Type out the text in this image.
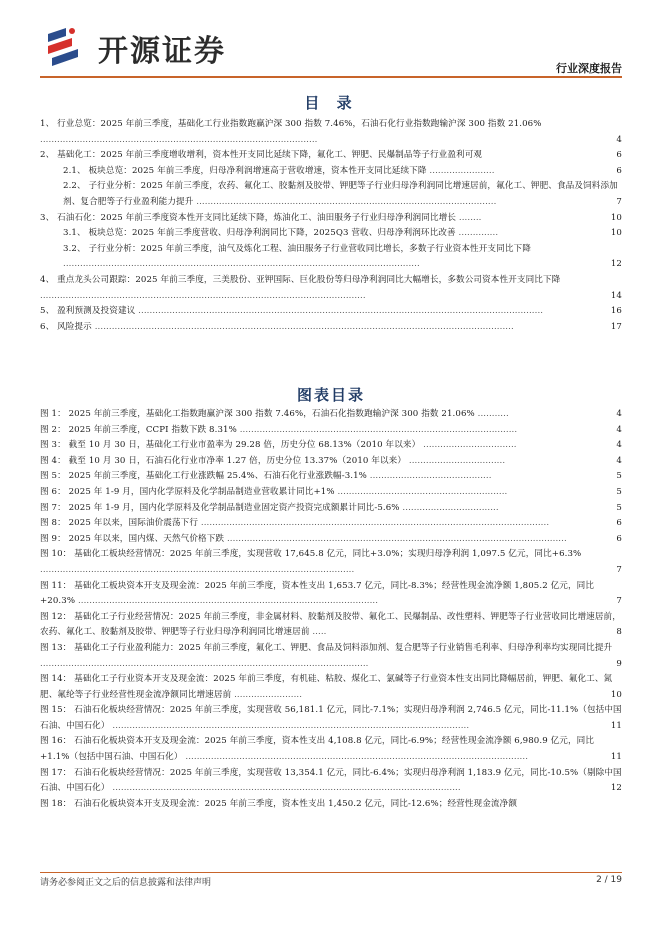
开源证券	行业深度报告
目 录
1、 行业总览：2025 年前三季度，基础化工行业指数跑赢沪深 300 指数 7.46%，石油石化行业指数跑输沪深 300 指数 21.06% ..................................................................................................	4
2、 基础化工：2025 年前三季度增收增利，资本性开支同比延续下降，氟化工、钾肥、民爆制品等子行业盈利可观	6
2.1、 板块总览：2025 年前三季度，归母净利润增速高于营收增速，资本性开支同比延续下降 .......................	6
2.2、 子行业分析：2025 年前三季度，农药、氟化工、胶黏剂及胶带、钾肥等子行业归母净利润同比增速居前，氟化工、钾肥、食品及饲料添加剂、复合肥等子行业盈利能力提升 ..........................................................................................................	7
3、 石油石化：2025 年前三季度资本性开支同比延续下降，炼油化工、油田服务子行业归母净利润同比增长 ........	10
3.1、 板块总览：2025 年前三季度营收、归母净利润同比下降，2025Q3 营收、归母净利润环比改善 ..............	10
3.2、 子行业分析：2025 年前三季度，油气及炼化工程、油田服务子行业营收同比增长，多数子行业资本性开支同比下降 ..............................................................................................................................	12
4、 重点龙头公司跟踪：2025 年前三季度，三美股份、亚钾国际、巨化股份等归母净利润同比大幅增长，多数公司资本性开支同比下降 ...................................................................................................................	14
5、 盈利预测及投资建议 ...............................................................................................................................................	16
6、 风险提示 ....................................................................................................................................................	17
图表目录
图 1： 2025 年前三季度，基础化工指数跑赢沪深 300 指数 7.46%，石油石化指数跑输沪深 300 指数 21.06% ...........	4
图 2： 2025 年前三季度，CCPI 指数下跌 8.31% ..................................................................................................	4
图 3： 截至 10 月 30 日，基础化工行业市盈率为 29.28 倍，历史分位 68.13%（2010 年以来） .................................	4
图 4： 截至 10 月 30 日，石油石化行业市净率 1.27 倍，历史分位 13.37%（2010 年以来） ..................................	4
图 5： 2025 年前三季度，基础化工行业涨跌幅 25.4%、石油石化行业涨跌幅-3.1% ...........................................	5
图 6： 2025 年 1-9 月，国内化学原料及化学制品制造业营收累计同比+1% ............................................................	5
图 7： 2025 年 1-9 月，国内化学原料及化学制品制造业固定资产投资完成额累计同比-5.6% ..................................	5
图 8： 2025 年以来，国际油价震荡下行 ...........................................................................................................................	6
图 9： 2025 年以来，国内煤、天然气价格下跌 ........................................................................................................................	6
图 10： 基础化工板块经营情况：2025 年前三季度，实现营收 17,645.8 亿元，同比+3.0%；实现归母净利润 1,097.5 亿元，同比+6.3% ...............................................................................................................	7
图 11： 基础化工板块资本开支及现金流：2025 年前三季度，资本性支出 1,653.7 亿元，同比-8.3%；经营性现金流净额 1,805.2 亿元，同比+20.3% ..........................................................................................................	7
图 12： 基础化工子行业经营情况：2025 年前三季度，非金属材料、胶黏剂及胶带、氟化工、民爆制品、改性塑料、钾肥等子行业营收同比增速居前，农药、氟化工、胶黏剂及胶带、钾肥等子行业归母净利润同比增速居前 .....	8
图 13： 基础化工子行业盈利能力：2025 年前三季度，氟化工、钾肥、食品及饲料添加剂、复合肥等子行业销售毛利率、归母净利率均实现同比提升 ....................................................................................................................	9
图 14： 基础化工子行业资本开支及现金流：2025 年前三季度，有机硅、粘胶、煤化工、氯碱等子行业资本性支出同比降幅居前，钾肥、氟化工、氮肥、氟纶等子行业经营性现金流净额同比增速居前 ........................	10
图 15： 石油石化板块经营情况：2025 年前三季度，实现营收 56,181.1 亿元，同比-7.1%；实现归母净利润 2,746.5 亿元，同比-11.1%（包括中国石油、中国石化） ..............................................................................................................................	11
图 16： 石油石化板块资本开支及现金流：2025 年前三季度，资本性支出 4,108.8 亿元，同比-6.9%；经营性现金流净额 6,980.9 亿元，同比+1.1%（包括中国石油、中国石化） .........................................................................................................................	11
图 17： 石油石化板块经营情况：2025 年前三季度，实现营收 13,354.1 亿元，同比-6.4%；实现归母净利润 1,183.9 亿元，同比-10.5%（剔除中国石油、中国石化） ...........................................................................................................................	12
图 18： 石油石化板块资本开支及现金流：2025 年前三季度，资本性支出 1,450.2 亿元，同比-12.6%；经营性现金流净额
请务必参阅正文之后的信息披露和法律声明	2 / 19
